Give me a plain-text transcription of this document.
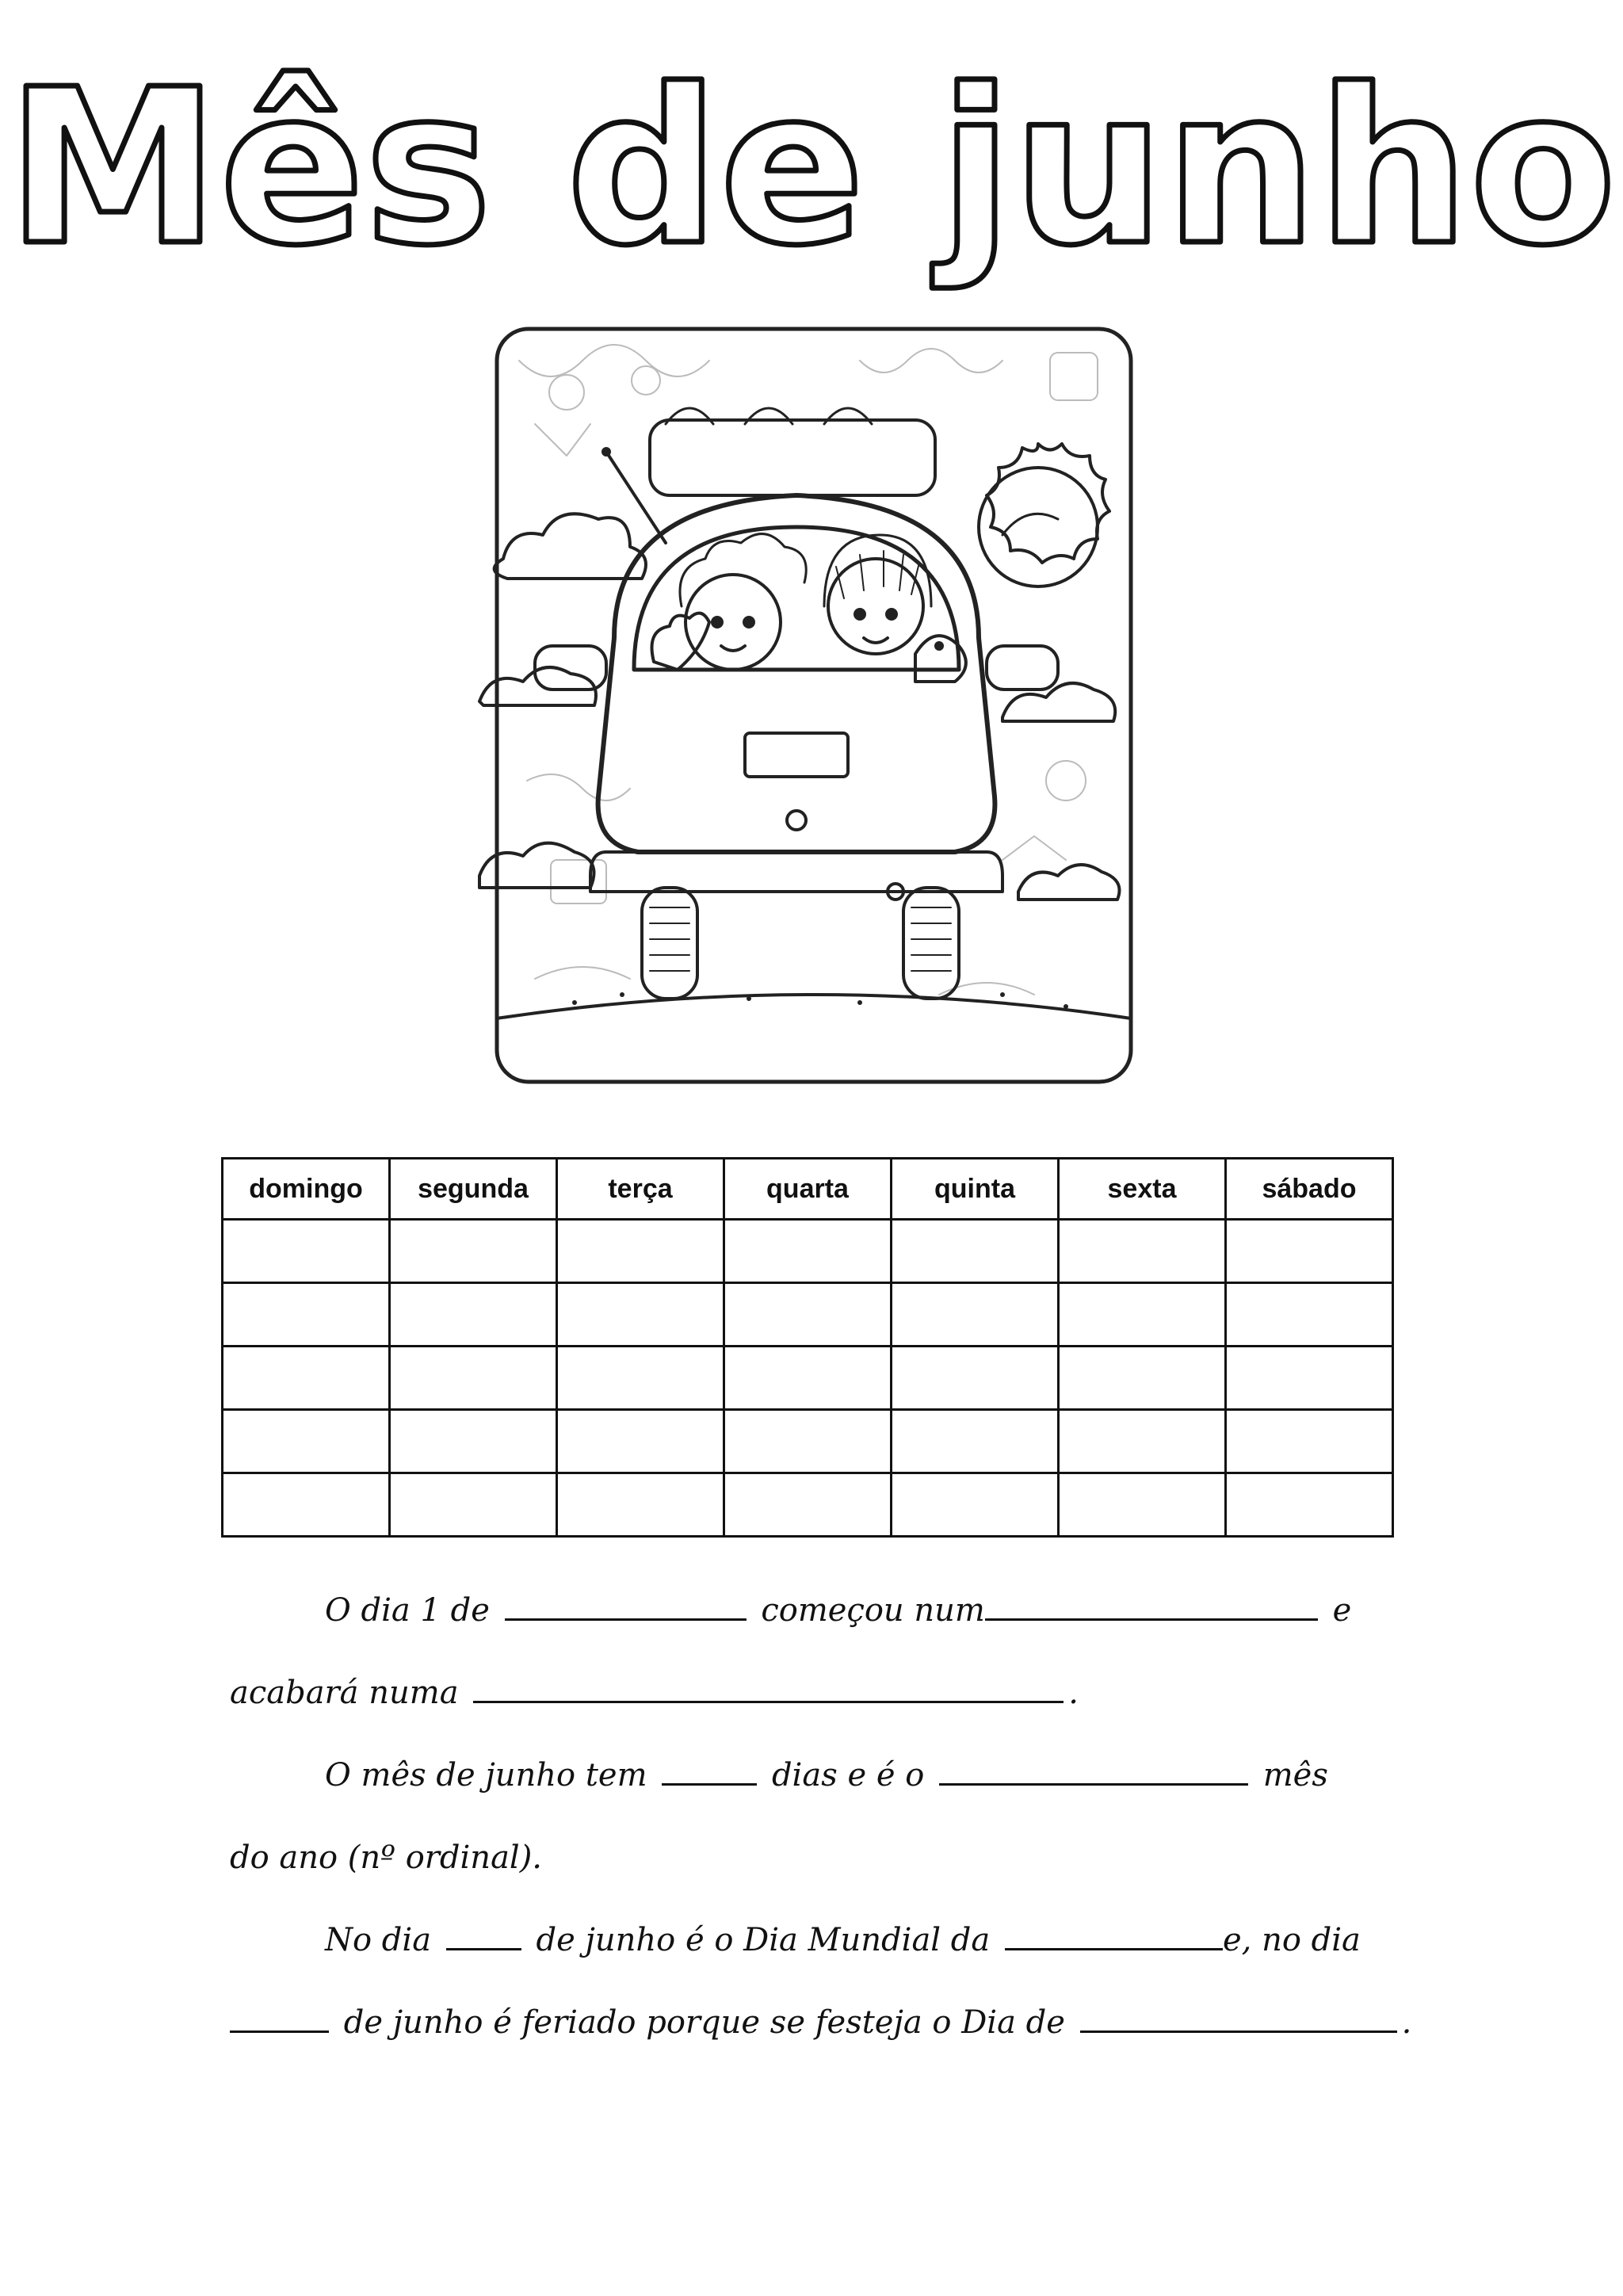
Mês de junho
domingo	segunda	terça	quarta	quinta	sexta	sábado

O dia 1 de	começou num	e
acabará numa	.
O mês de junho tem	dias e é o	mês
do ano (nº ordinal).
No dia	de junho é o Dia Mundial da	e, no dia
de junho é feriado porque se festeja o Dia de	.
